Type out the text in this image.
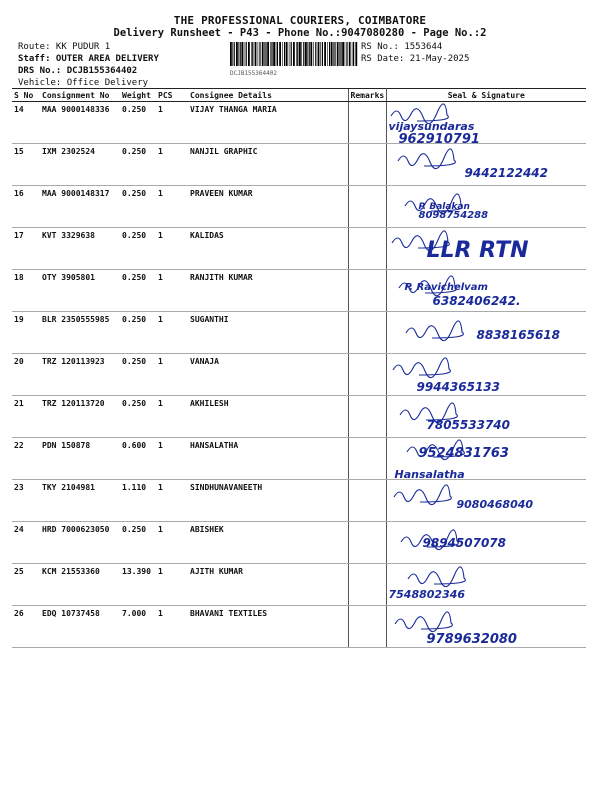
THE PROFESSIONAL COURIERS, COIMBATORE
Delivery Runsheet - P43 - Phone No.:9047080280 - Page No.:2
Route: KK PUDUR 1
Staff: OUTER AREA DELIVERY
DRS No.: DCJB155364402
Vehicle: Office Delivery
DCJB155364402
RS No.: 1553644
RS Date: 21-May-2025
S No	Consignment No	Weight	PCS	Consignee Details	Remarks	Seal & Signature
14	MAA 9000148336	0.250	1	VIJAY THANGA MARIA		vijaysundaras
962910791

15	IXM 2302524	0.250	1	NANJIL GRAPHIC		9442122442

16	MAA 9000148317	0.250	1	PRAVEEN KUMAR		P. Balakan
8098754288

17	KVT 3329638	0.250	1	KALIDAS		LLR RTN

18	OTY 3905801	0.250	1	RANJITH KUMAR		P. Ravichelvam
6382406242.

19	BLR 2350555985	0.250	1	SUGANTHI		8838165618

20	TRZ 120113923	0.250	1	VANAJA		9944365133

21	TRZ 120113720	0.250	1	AKHILESH		7805533740

22	PDN 150878	0.600	1	HANSALATHA		Hansalatha
9524831763

23	TKY 2104981	1.110	1	SINDHUNAVANEETH		9080468040

24	HRD 7000623050	0.250	1	ABISHEK		9894507078

25	KCM 21553360	13.390	1	AJITH KUMAR		7548802346

26	EDQ 10737458	7.000	1	BHAVANI TEXTILES		9789632080
